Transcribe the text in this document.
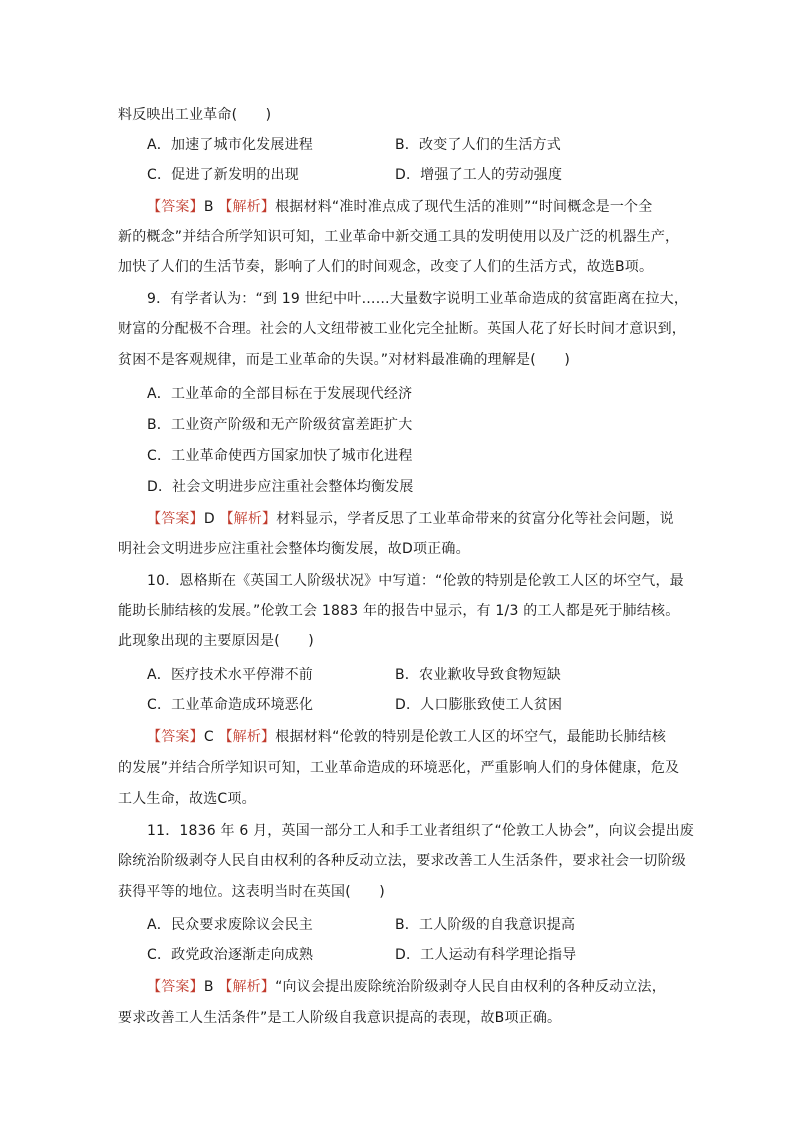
料反映出工业革命(　　)
A．加速了城市化发展进程	B．改变了人们的生活方式
C．促进了新发明的出现	D．增强了工人的劳动强度
【答案】B 【解析】根据材料“准时准点成了现代生活的准则”“时间概念是一个全
新的概念”并结合所学知识可知，工业革命中新交通工具的发明使用以及广泛的机器生产，
加快了人们的生活节奏，影响了人们的时间观念，改变了人们的生活方式，故选B项。
9．有学者认为：“到 19 世纪中叶……大量数字说明工业革命造成的贫富距离在拉大，
财富的分配极不合理。社会的人文纽带被工业化完全扯断。英国人花了好长时间才意识到，
贫困不是客观规律，而是工业革命的失误。”对材料最准确的理解是(　　)
A．工业革命的全部目标在于发展现代经济
B．工业资产阶级和无产阶级贫富差距扩大
C．工业革命使西方国家加快了城市化进程
D．社会文明进步应注重社会整体均衡发展
【答案】D 【解析】材料显示，学者反思了工业革命带来的贫富分化等社会问题，说
明社会文明进步应注重社会整体均衡发展，故D项正确。
10．恩格斯在《英国工人阶级状况》中写道：“伦敦的特别是伦敦工人区的坏空气，最
能助长肺结核的发展。”伦敦工会 1883 年的报告中显示，有 1/3 的工人都是死于肺结核。
此现象出现的主要原因是(　　)
A．医疗技术水平停滞不前	B．农业歉收导致食物短缺
C．工业革命造成环境恶化	D．人口膨胀致使工人贫困
【答案】C 【解析】根据材料“伦敦的特别是伦敦工人区的坏空气，最能助长肺结核
的发展”并结合所学知识可知，工业革命造成的环境恶化，严重影响人们的身体健康，危及
工人生命，故选C项。
11．1836 年 6 月，英国一部分工人和手工业者组织了“伦敦工人协会”，向议会提出废
除统治阶级剥夺人民自由权利的各种反动立法，要求改善工人生活条件，要求社会一切阶级
获得平等的地位。这表明当时在英国(　　)
A．民众要求废除议会民主	B．工人阶级的自我意识提高
C．政党政治逐渐走向成熟	D．工人运动有科学理论指导
【答案】B 【解析】“向议会提出废除统治阶级剥夺人民自由权利的各种反动立法，
要求改善工人生活条件”是工人阶级自我意识提高的表现，故B项正确。
